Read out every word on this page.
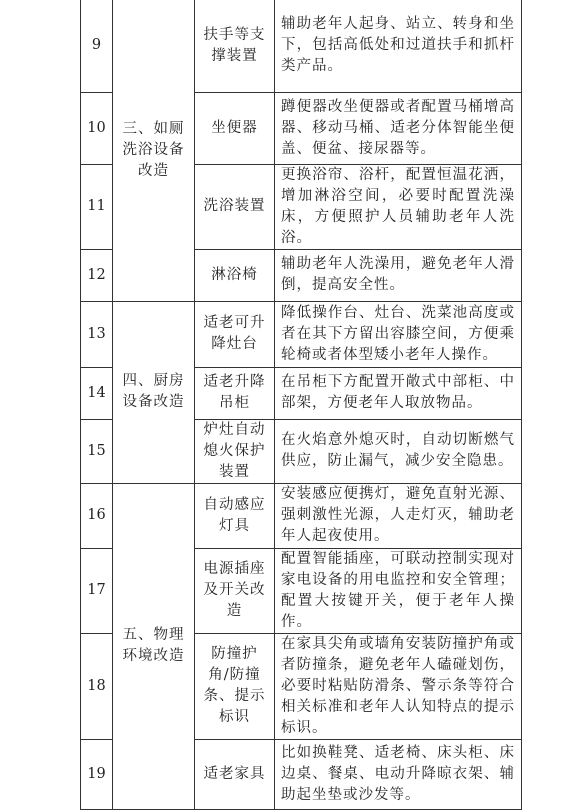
9	三、如厕洗浴设备改造	扶手等支撑装置	辅助老年人起身、站立、转身和坐下，包括高低处和过道扶手和抓杆类产品。
10		坐便器	蹲便器改坐便器或者配置马桶增高器、移动马桶、适老分体智能坐便盖、便盆、接尿器等。
11		洗浴装置	更换浴帘、浴杆，配置恒温花洒，增加淋浴空间，必要时配置洗澡床，方便照护人员辅助老年人洗浴。
12		淋浴椅	辅助老年人洗澡用，避免老年人滑倒，提高安全性。
13	四、厨房设备改造	适老可升降灶台	降低操作台、灶台、洗菜池高度或者在其下方留出容膝空间，方便乘轮椅或者体型矮小老年人操作。
14		适老升降吊柜	在吊柜下方配置开敞式中部柜、中部架，方便老年人取放物品。
15		炉灶自动熄火保护装置	在火焰意外熄灭时，自动切断燃气供应，防止漏气，减少安全隐患。
16	五、物理环境改造	自动感应灯具	安装感应便携灯，避免直射光源、强刺激性光源，人走灯灭，辅助老年人起夜使用。
17		电源插座及开关改造	配置智能插座，可联动控制实现对家电设备的用电监控和安全管理；配置大按键开关，便于老年人操作。
18		防撞护角/防撞条、提示标识	在家具尖角或墙角安装防撞护角或者防撞条，避免老年人磕碰划伤，必要时粘贴防滑条、警示条等符合相关标准和老年人认知特点的提示标识。
19		适老家具	比如换鞋凳、适老椅、床头柜、床边桌、餐桌、电动升降晾衣架、辅助起坐垫或沙发等。
